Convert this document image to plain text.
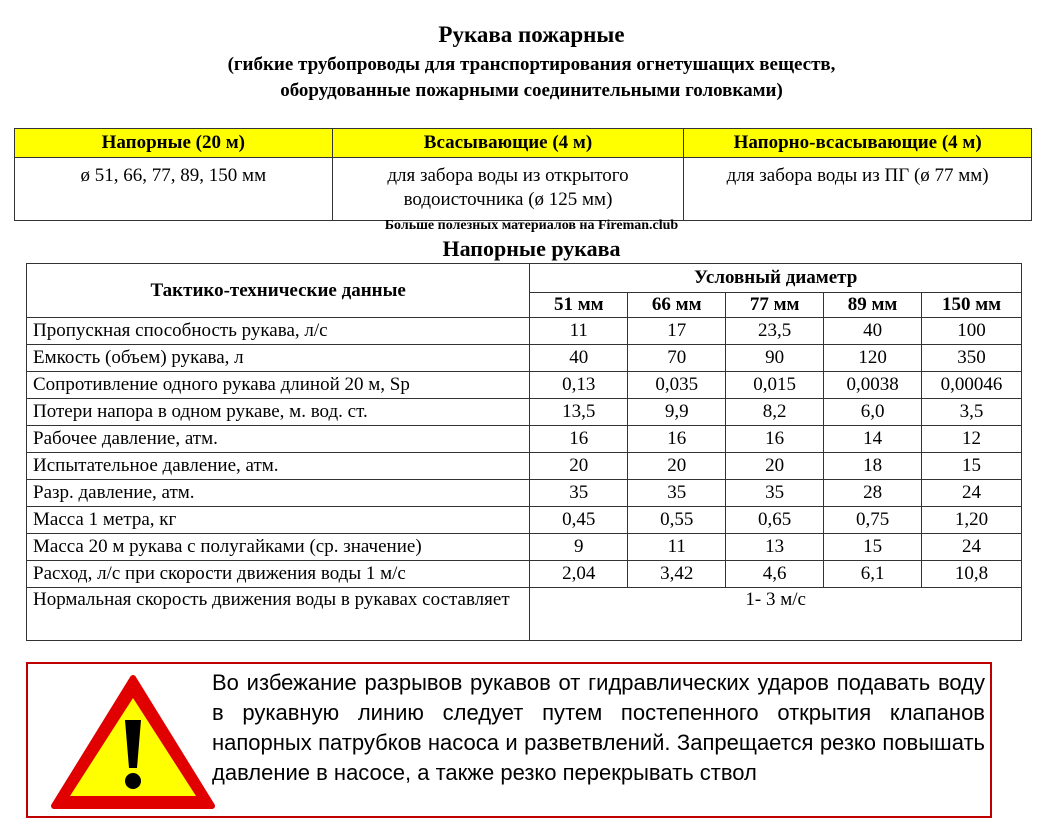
Рукава пожарные
(гибкие трубопроводы для транспортирования огнетушащих веществ,
оборудованные пожарными соединительными головками)
Напорные (20 м)	Всасывающие (4 м)	Напорно-всасывающие (4 м)
ø 51, 66, 77, 89, 150 мм	для забора воды из открытого водоисточника (ø 125 мм)	для забора воды из ПГ (ø 77 мм)
Больше полезных материалов на Fireman.club
Напорные рукава
Тактико-технические данные	Условный диаметр				
	51 мм	66 мм	77 мм	89 мм	150 мм
Пропускная способность рукава, л/с	11	17	23,5	40	100
Емкость (объем) рукава, л	40	70	90	120	350
Сопротивление одного рукава длиной 20 м, Sp	0,13	0,035	0,015	0,0038	0,00046
Потери напора в одном рукаве, м. вод. ст.	13,5	9,9	8,2	6,0	3,5
Рабочее давление, атм.	16	16	16	14	12
Испытательное давление, атм.	20	20	20	18	15
Разр. давление, атм.	35	35	35	28	24
Масса 1 метра, кг	0,45	0,55	0,65	0,75	1,20
Масса 20 м рукава с полугайками (ср. значение)	9	11	13	15	24
Расход, л/с при скорости движения воды 1 м/с	2,04	3,42	4,6	6,1	10,8
Нормальная скорость движения воды в рукавах составляет	1- 3 м/с				
Во избежание разрывов рукавов от гидравлических ударов подавать воду в рукавную линию следует путем постепенного открытия клапанов напорных патрубков насоса и разветвлений. Запрещается резко повышать давление в насосе, а также резко перекрывать ствол
